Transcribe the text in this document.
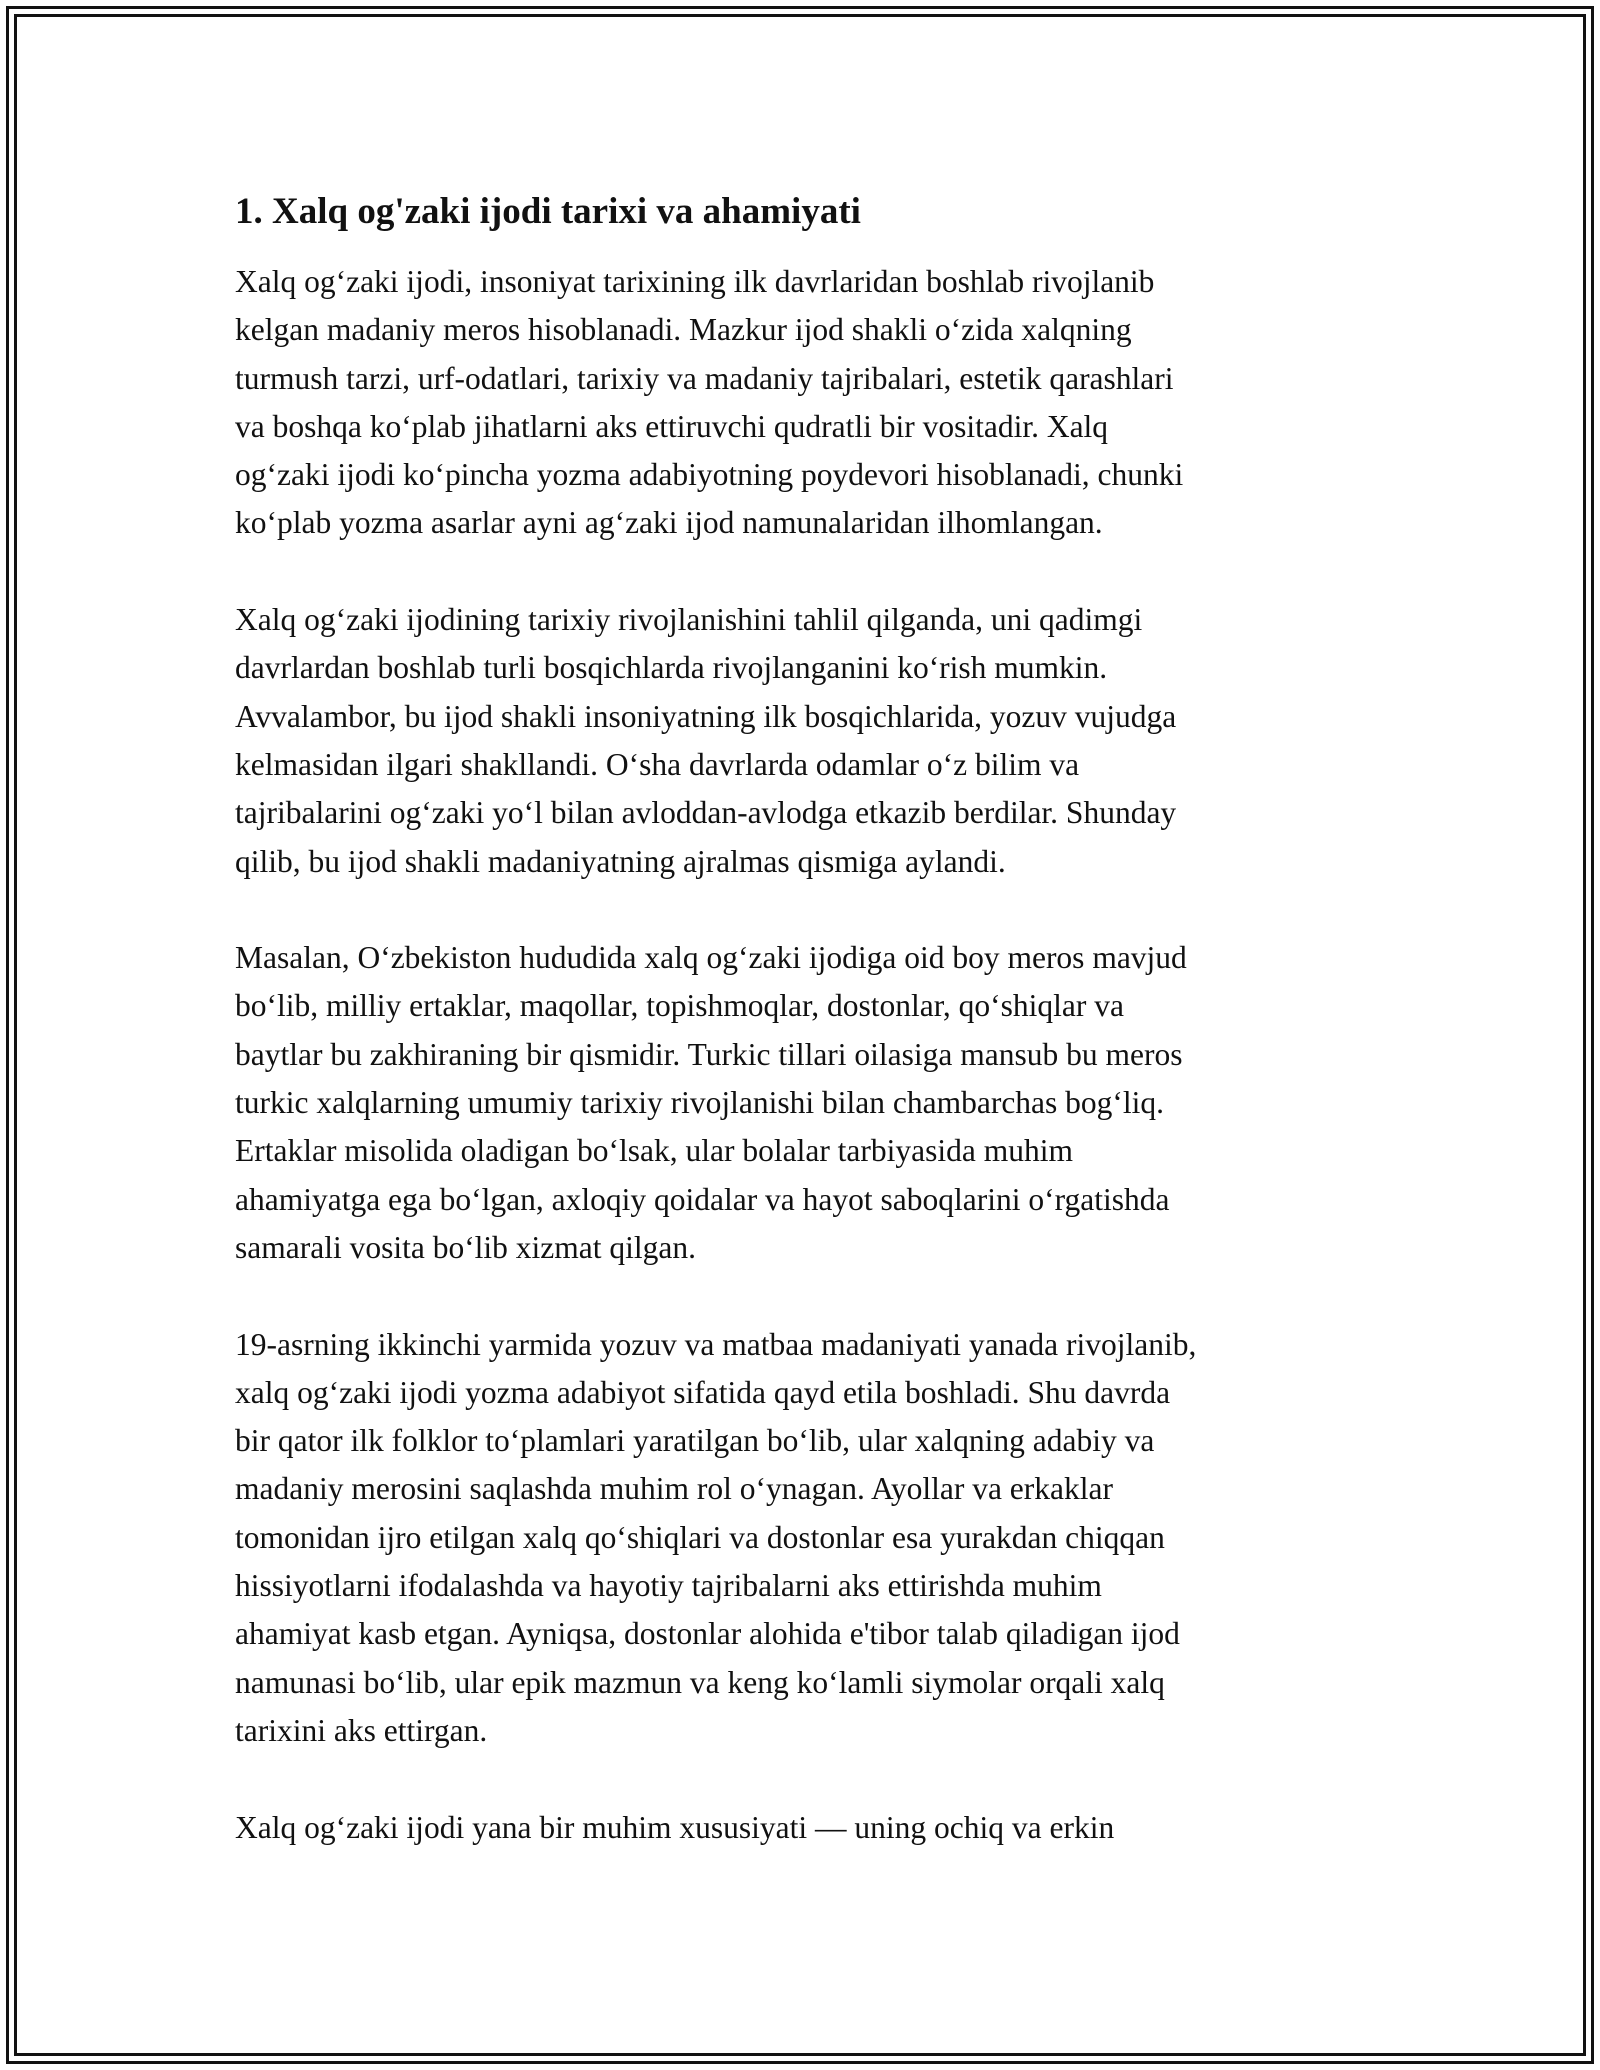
1. Xalq og'zaki ijodi tarixi va ahamiyati

Xalq og‘zaki ijodi, insoniyat tarixining ilk davrlaridan boshlab rivojlanib
kelgan madaniy meros hisoblanadi. Mazkur ijod shakli o‘zida xalqning
turmush tarzi, urf-odatlari, tarixiy va madaniy tajribalari, estetik qarashlari
va boshqa ko‘plab jihatlarni aks ettiruvchi qudratli bir vositadir. Xalq
og‘zaki ijodi ko‘pincha yozma adabiyotning poydevori hisoblanadi, chunki
ko‘plab yozma asarlar ayni ag‘zaki ijod namunalaridan ilhomlangan.

Xalq og‘zaki ijodining tarixiy rivojlanishini tahlil qilganda, uni qadimgi
davrlardan boshlab turli bosqichlarda rivojlanganini ko‘rish mumkin.
Avvalambor, bu ijod shakli insoniyatning ilk bosqichlarida, yozuv vujudga
kelmasidan ilgari shakllandi. O‘sha davrlarda odamlar o‘z bilim va
tajribalarini og‘zaki yo‘l bilan avloddan-avlodga etkazib berdilar. Shunday
qilib, bu ijod shakli madaniyatning ajralmas qismiga aylandi.

Masalan, O‘zbekiston hududida xalq og‘zaki ijodiga oid boy meros mavjud
bo‘lib, milliy ertaklar, maqollar, topishmoqlar, dostonlar, qo‘shiqlar va
baytlar bu zakhiraning bir qismidir. Turkic tillari oilasiga mansub bu meros
turkic xalqlarning umumiy tarixiy rivojlanishi bilan chambarchas bog‘liq.
Ertaklar misolida oladigan bo‘lsak, ular bolalar tarbiyasida muhim
ahamiyatga ega bo‘lgan, axloqiy qoidalar va hayot saboqlarini o‘rgatishda
samarali vosita bo‘lib xizmat qilgan.

19-asrning ikkinchi yarmida yozuv va matbaa madaniyati yanada rivojlanib,
xalq og‘zaki ijodi yozma adabiyot sifatida qayd etila boshladi. Shu davrda
bir qator ilk folklor to‘plamlari yaratilgan bo‘lib, ular xalqning adabiy va
madaniy merosini saqlashda muhim rol o‘ynagan. Ayollar va erkaklar
tomonidan ijro etilgan xalq qo‘shiqlari va dostonlar esa yurakdan chiqqan
hissiyotlarni ifodalashda va hayotiy tajribalarni aks ettirishda muhim
ahamiyat kasb etgan. Ayniqsa, dostonlar alohida e'tibor talab qiladigan ijod
namunasi bo‘lib, ular epik mazmun va keng ko‘lamli siymolar orqali xalq
tarixini aks ettirgan.

Xalq og‘zaki ijodi yana bir muhim xususiyati — uning ochiq va erkin
